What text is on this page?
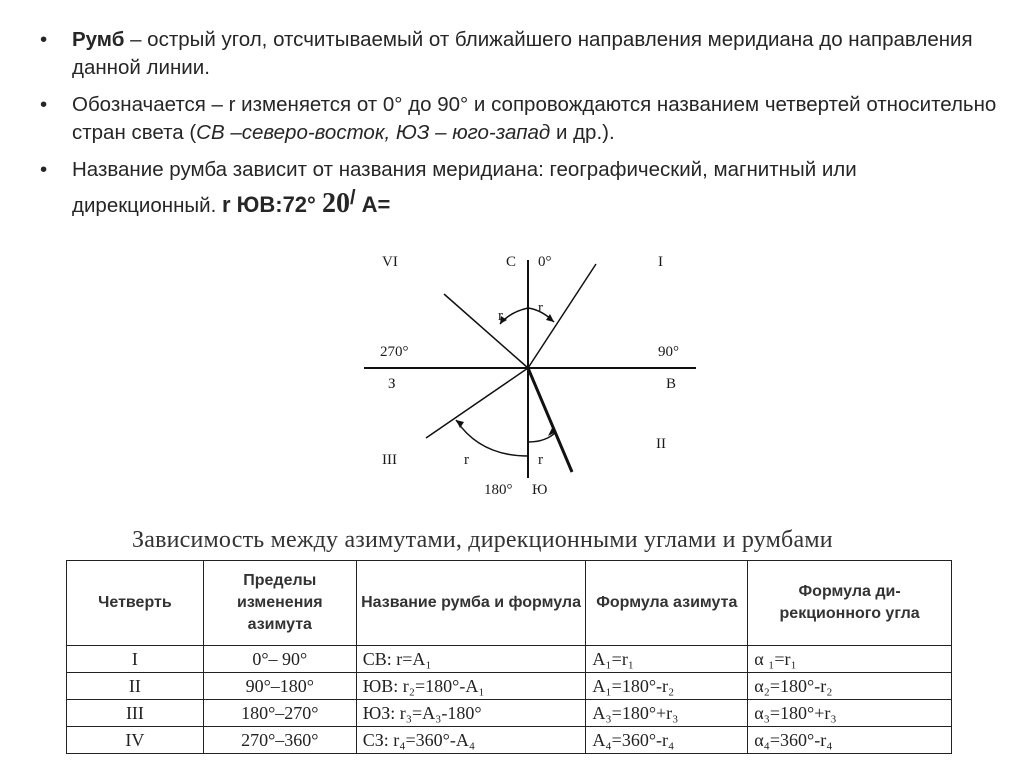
• Румб – острый угол, отсчитываемый от ближайшего направления меридиана до направления данной линии.
• Обозначается – r изменяется от 0° до 90° и сопровождаются названием четвертей относительно стран света (СВ –северо-восток, ЮЗ – юго-запад и др.).
• Название румба зависит от названия меридиана: географический, магнитный или дирекционный. r ЮВ:72° 20/ А=
VI	I
III
II
С 0°
270°
З
90°
В
180° Ю
r
r
r
r
Зависимость между азимутами, дирекционными углами и румбами
Четверть	Пределы изменения азимута	Название румба и формула	Формула азимута	Формула ди-рекционного угла
I	0°– 90°	СВ: r=A₁	A₁=r₁	α ₁=r₁
II	90°–180°	ЮВ: r₂=180°-A₁	A₁=180°-r₂	α₂=180°-r₂
III	180°–270°	ЮЗ: r₃=A₃-180°	A₃=180°+r₃	α₃=180°+r₃
IV	270°–360°	СЗ: r₄=360°-A₄	A₄=360°-r₄	α₄=360°-r₄
